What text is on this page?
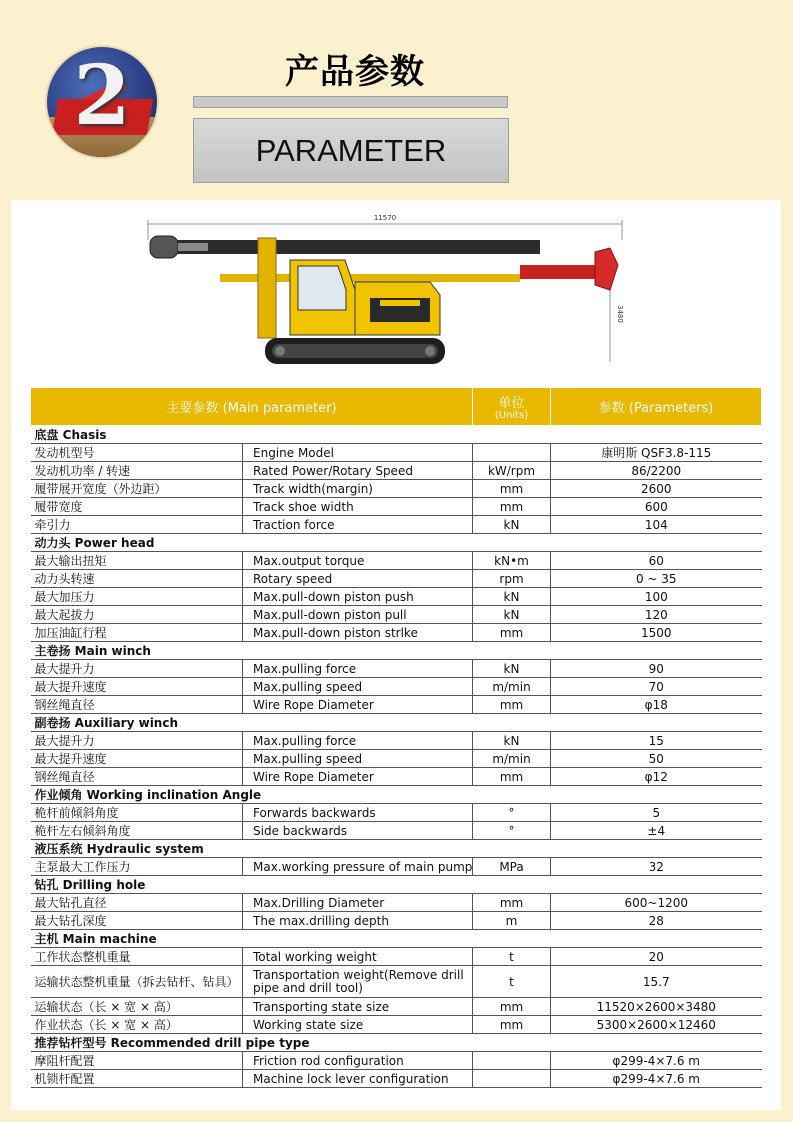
2	产品参数
PARAMETER
11570
3480
主要参数 (Main parameter)		单位
(Units)	参数 (Parameters)
底盘 Chasis			
发动机型号	Engine Model		康明斯 QSF3.8-115
发动机功率 / 转速	Rated Power/Rotary Speed	kW/rpm	86/2200
履带展开宽度（外边距）	Track width(margin)	mm	2600
履带宽度	Track shoe width	mm	600
牵引力	Traction force	kN	104
动力头 Power head			
最大输出扭矩	Max.output torque	kN•m	60
动力头转速	Rotary speed	rpm	0 ~ 35
最大加压力	Max.pull-down piston push	kN	100
最大起拔力	Max.pull-down piston pull	kN	120
加压油缸行程	Max.pull-down piston strlke	mm	1500
主卷扬 Main winch			
最大提升力	Max.pulling force	kN	90
最大提升速度	Max.pulling speed	m/min	70
钢丝绳直径	Wire Rope Diameter	mm	φ18
副卷扬 Auxiliary winch			
最大提升力	Max.pulling force	kN	15
最大提升速度	Max.pulling speed	m/min	50
钢丝绳直径	Wire Rope Diameter	mm	φ12
作业倾角 Working inclination Angle			
桅杆前倾斜角度	Forwards backwards	°	5
桅杆左右倾斜角度	Side backwards	°	±4
液压系统 Hydraulic system			
主泵最大工作压力	Max.working pressure of main pump	MPa	32
钻孔 Drilling hole			
最大钻孔直径	Max.Drilling Diameter	mm	600~1200
最大钻孔深度	The max.drilling depth	m	28
主机 Main machine			
工作状态整机重量	Total working weight	t	20
运输状态整机重量（拆去钻杆、钻具）	Transportation weight(Remove drill pipe and drill tool)	t	15.7
运输状态（长 × 宽 × 高）	Transporting state size	mm	11520×2600×3480
作业状态（长 × 宽 × 高）	Working state size	mm	5300×2600×12460
推荐钻杆型号 Recommended drill pipe type			
摩阻杆配置	Friction rod configuration		φ299-4×7.6 m
机锁杆配置	Machine lock lever configuration		φ299-4×7.6 m
